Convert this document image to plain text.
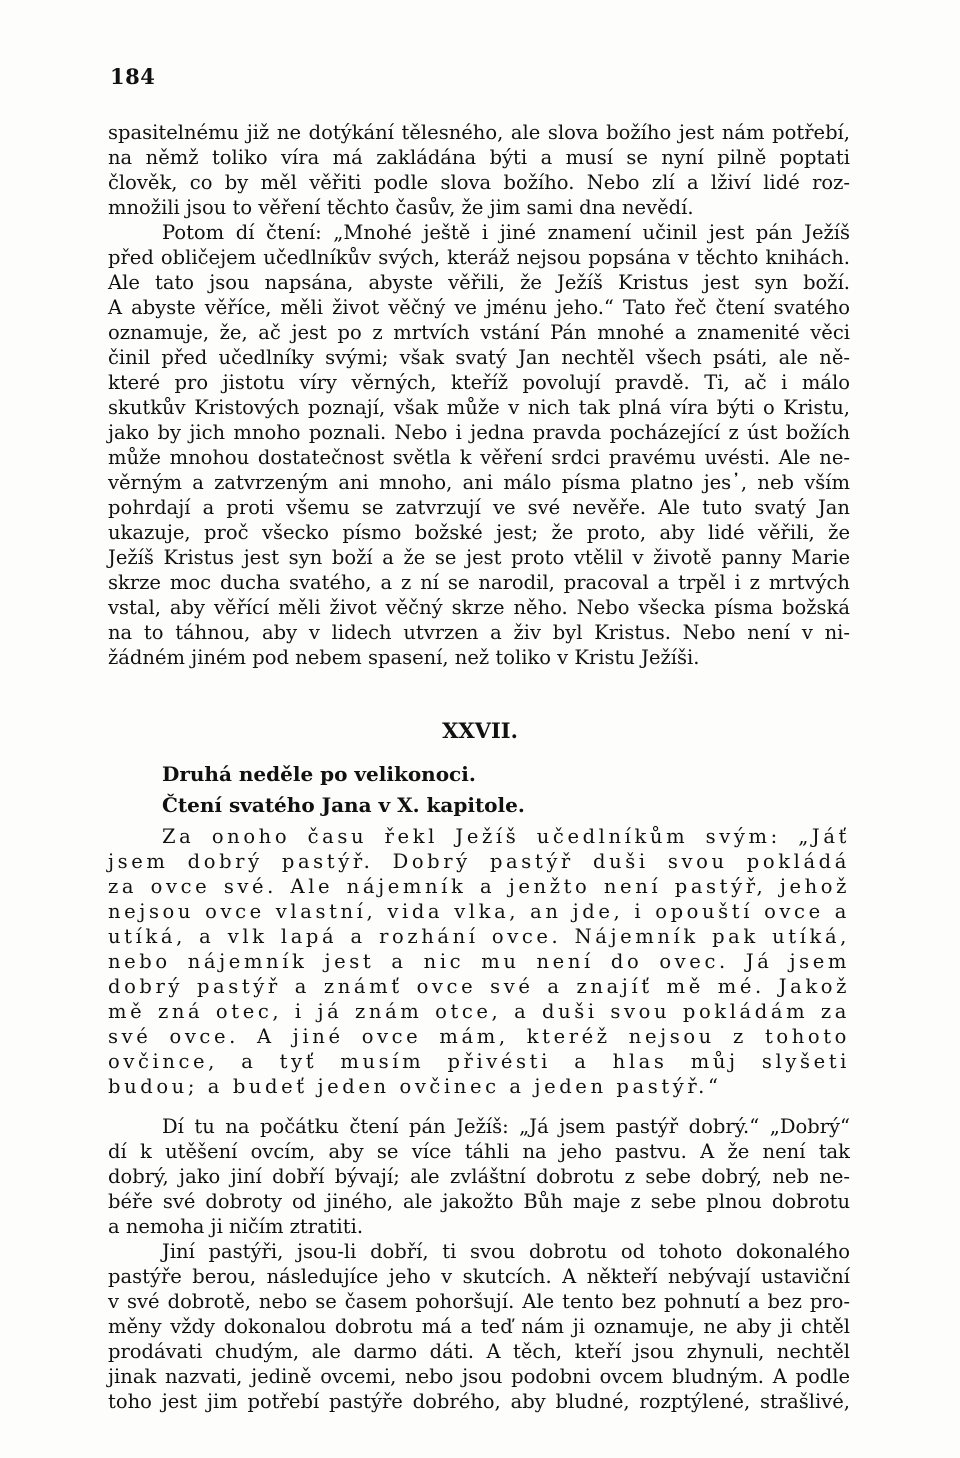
184
spasitelnému již ne dotýkání tělesného, ale slova božího jest nám potřebí,
na němž toliko víra má zakládána býti a musí se nyní pilně poptati
člověk, co by měl věřiti podle slova božího. Nebo zlí a lživí lidé roz-
množili jsou to věření těchto časův, že jim sami dna nevědí.
Potom dí čtení: „Mnohé ještě i jiné znamení učinil jest pán Ježíš
před obličejem učedlníkův svých, kteráž nejsou popsána v těchto knihách.
Ale tato jsou napsána, abyste věřili, že Ježíš Kristus jest syn boží.
A abyste věříce, měli život věčný ve jménu jeho.“ Tato řeč čtení svatého
oznamuje, že, ač jest po z mrtvích vstání Pán mnohé a znamenité věci
činil před učedlníky svými; však svatý Jan nechtěl všech psáti, ale ně-
které pro jistotu víry věrných, kteříž povolují pravdě. Ti, ač i málo
skutkův Kristových poznají, však může v nich tak plná víra býti o Kristu,
jako by jich mnoho poznali. Nebo i jedna pravda pocházející z úst božích
může mnohou dostatečnost světla k věření srdci pravému uvésti. Ale ne-
věrným a zatvrzeným ani mnoho, ani málo písma platno jes᾿, neb vším
pohrdají a proti všemu se zatvrzují ve své nevěře. Ale tuto svatý Jan
ukazuje, proč všecko písmo božské jest; že proto, aby lidé věřili, že
Ježíš Kristus jest syn boží a že se jest proto vtělil v životě panny Marie
skrze moc ducha svatého, a z ní se narodil, pracoval a trpěl i z mrtvých
vstal, aby věřící měli život věčný skrze něho. Nebo všecka písma božská
na to táhnou, aby v lidech utvrzen a živ byl Kristus. Nebo není v ni-
žádném jiném pod nebem spasení, než toliko v Kristu Ježíši.
XXVII.
Druhá neděle po velikonoci.
Čtení svatého Jana v X. kapitole.
Za onoho času řekl Ježíš učedlníkům svým: „Jáť
jsem dobrý pastýř. Dobrý pastýř duši svou pokládá
za ovce své. Ale nájemník a jenžto není pastýř, jehož
nejsou ovce vlastní, vida vlka, an jde, i opouští ovce a
utíká, a vlk lapá a rozhání ovce. Nájemník pak utíká,
nebo nájemník jest a nic mu není do ovec. Já jsem
dobrý pastýř a známť ovce své a znajíť mě mé. Jakož
mě zná otec, i já znám otce, a duši svou pokládám za
své ovce. A jiné ovce mám, kteréž nejsou z tohoto
ovčince, a tyť musím přivésti a hlas můj slyšeti
budou; a budeť jeden ovčinec a jeden pastýř.“
Dí tu na počátku čtení pán Ježíš: „Já jsem pastýř dobrý.“ „Dobrý“
dí k utěšení ovcím, aby se více táhli na jeho pastvu. A že není tak
dobrý, jako jiní dobří bývají; ale zvláštní dobrotu z sebe dobrý, neb ne-
béře své dobroty od jiného, ale jakožto Bůh maje z sebe plnou dobrotu
a nemoha ji ničím ztratiti.
Jiní pastýři, jsou-li dobří, ti svou dobrotu od tohoto dokonalého
pastýře berou, následujíce jeho v skutcích. A někteří nebývají ustaviční
v své dobrotě, nebo se časem pohoršují. Ale tento bez pohnutí a bez pro-
měny vždy dokonalou dobrotu má a teď nám ji oznamuje, ne aby ji chtěl
prodávati chudým, ale darmo dáti. A těch, kteří jsou zhynuli, nechtěl
jinak nazvati, jedině ovcemi, nebo jsou podobni ovcem bludným. A podle
toho jest jim potřebí pastýře dobrého, aby bludné, rozptýlené, strašlivé,
